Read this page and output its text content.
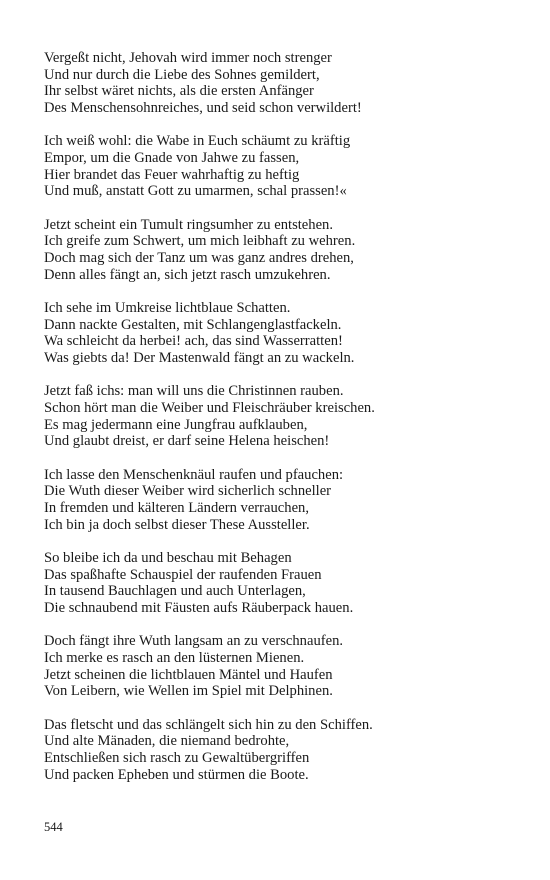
Vergeßt nicht, Jehovah wird immer noch strenger
Und nur durch die Liebe des Sohnes gemildert,
Ihr selbst wäret nichts, als die ersten Anfänger
Des Menschensohnreiches, und seid schon verwildert!
Ich weiß wohl: die Wabe in Euch schäumt zu kräftig
Empor, um die Gnade von Jahwe zu fassen,
Hier brandet das Feuer wahrhaftig zu heftig
Und muß, anstatt Gott zu umarmen, schal prassen!«
Jetzt scheint ein Tumult ringsumher zu entstehen.
Ich greife zum Schwert, um mich leibhaft zu wehren.
Doch mag sich der Tanz um was ganz andres drehen,
Denn alles fängt an, sich jetzt rasch umzukehren.
Ich sehe im Umkreise lichtblaue Schatten.
Dann nackte Gestalten, mit Schlangenglastfackeln.
Wa schleicht da herbei! ach, das sind Wasserratten!
Was giebts da! Der Mastenwald fängt an zu wackeln.
Jetzt faß ichs: man will uns die Christinnen rauben.
Schon hört man die Weiber und Fleischräuber kreischen.
Es mag jedermann eine Jungfrau aufklauben,
Und glaubt dreist, er darf seine Helena heischen!
Ich lasse den Menschenknäul raufen und pfauchen:
Die Wuth dieser Weiber wird sicherlich schneller
In fremden und kälteren Ländern verrauchen,
Ich bin ja doch selbst dieser These Aussteller.
So bleibe ich da und beschau mit Behagen
Das spaßhafte Schauspiel der raufenden Frauen
In tausend Bauchlagen und auch Unterlagen,
Die schnaubend mit Fäusten aufs Räuberpack hauen.
Doch fängt ihre Wuth langsam an zu verschnaufen.
Ich merke es rasch an den lüsternen Mienen.
Jetzt scheinen die lichtblauen Mäntel und Haufen
Von Leibern, wie Wellen im Spiel mit Delphinen.
Das fletscht und das schlängelt sich hin zu den Schiffen.
Und alte Mänaden, die niemand bedrohte,
Entschließen sich rasch zu Gewaltübergriffen
Und packen Epheben und stürmen die Boote.
544
